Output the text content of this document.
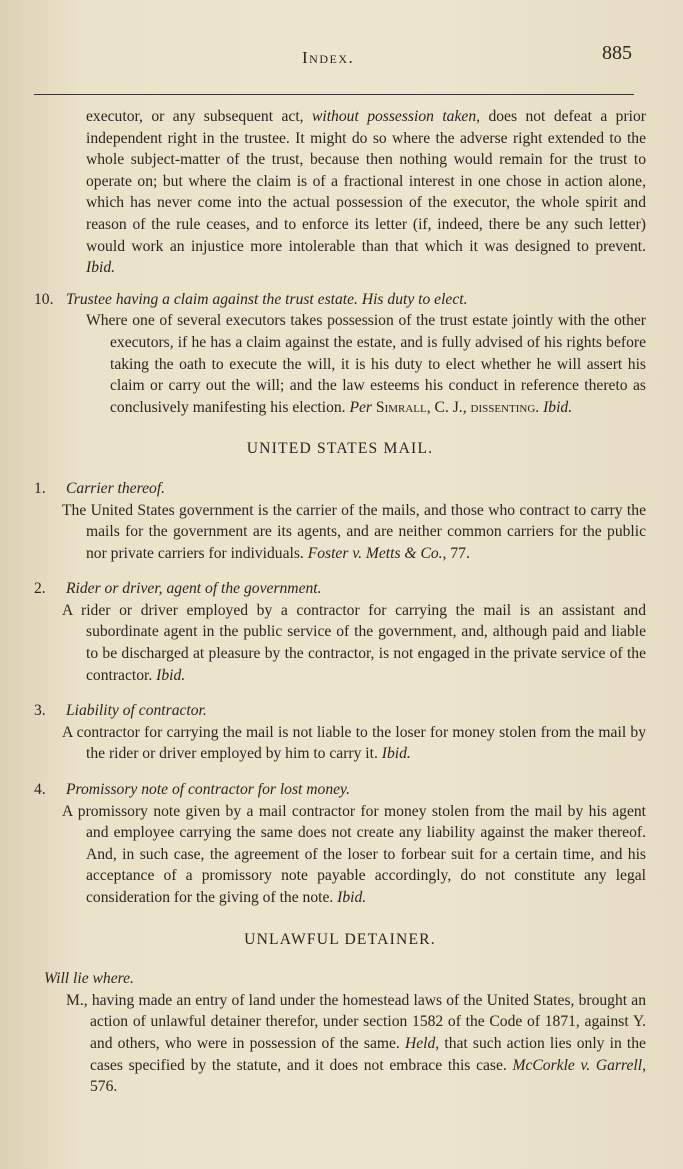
Index.	885

executor, or any subsequent act, without possession taken, does not defeat a prior independent right in the trustee. It might do so where the adverse right extended to the whole subject-matter of the trust, because then nothing would remain for the trust to operate on; but where the claim is of a fractional interest in one chose in action alone, which has never come into the actual possession of the executor, the whole spirit and reason of the rule ceases, and to enforce its letter (if, indeed, there be any such letter) would work an injustice more intolerable than that which it was designed to prevent. Ibid.

10. Trustee having a claim against the trust estate. His duty to elect.

Where one of several executors takes possession of the trust estate jointly with the other executors, if he has a claim against the estate, and is fully advised of his rights before taking the oath to execute the will, it is his duty to elect whether he will assert his claim or carry out the will; and the law esteems his conduct in reference thereto as conclusively manifesting his election. Per Simrall, C. J., dissenting. Ibid.

UNITED STATES MAIL.
1. Carrier thereof.

The United States government is the carrier of the mails, and those who contract to carry the mails for the government are its agents, and are neither common carriers for the public nor private carriers for individuals. Foster v. Metts & Co., 77.

2. Rider or driver, agent of the government.

A rider or driver employed by a contractor for carrying the mail is an assistant and subordinate agent in the public service of the government, and, although paid and liable to be discharged at pleasure by the contractor, is not engaged in the private service of the contractor. Ibid.

3. Liability of contractor.

A contractor for carrying the mail is not liable to the loser for money stolen from the mail by the rider or driver employed by him to carry it. Ibid.

4. Promissory note of contractor for lost money.

A promissory note given by a mail contractor for money stolen from the mail by his agent and employee carrying the same does not create any liability against the maker thereof. And, in such case, the agreement of the loser to forbear suit for a certain time, and his acceptance of a promissory note payable accordingly, do not constitute any legal consideration for the giving of the note. Ibid.

UNLAWFUL DETAINER.
Will lie where.

M., having made an entry of land under the homestead laws of the United States, brought an action of unlawful detainer therefor, under section 1582 of the Code of 1871, against Y. and others, who were in possession of the same. Held, that such action lies only in the cases specified by the statute, and it does not embrace this case. McCorkle v. Garrell, 576.
